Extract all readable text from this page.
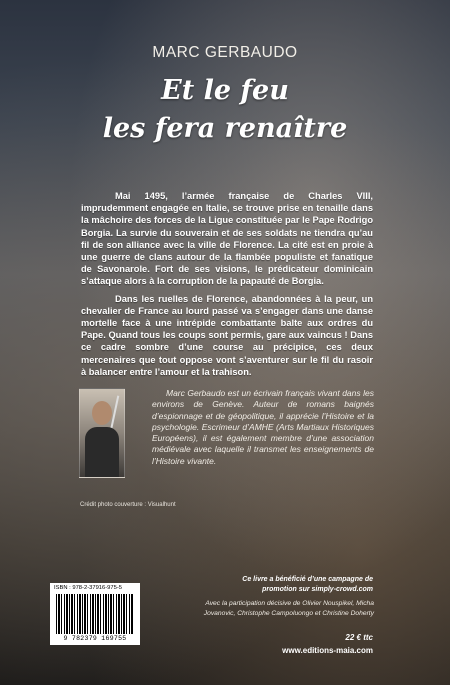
MARC GERBAUDO
Et le feu
les fera renaître

Mai 1495, l’armée française de Charles VIII, imprudemment engagée en Italie, se trouve prise en tenaille dans la mâchoire des forces de la Ligue constituée par le Pape Rodrigo Borgia. La survie du souverain et de ses soldats ne tiendra qu’au fil de son alliance avec la ville de Florence. La cité est en proie à une guerre de clans autour de la flambée populiste et fanatique de Savonarole. Fort de ses visions, le prédicateur dominicain s’attaque alors à la corruption de la papauté de Borgia.

Dans les ruelles de Florence, abandonnées à la peur, un chevalier de France au lourd passé va s’engager dans une danse mortelle face à une intrépide combattante balte aux ordres du Pape. Quand tous les coups sont permis, gare aux vaincus ! Dans ce cadre sombre d’une course au précipice, ces deux mercenaires que tout oppose vont s’aventurer sur le fil du rasoir à balancer entre l’amour et la trahison.

Marc Gerbaudo est un écrivain français vivant dans les environs de Genève. Auteur de romans baignés d’espionnage et de géopolitique, il apprécie l’Histoire et la psychologie. Escrimeur d’AMHE (Arts Martiaux Historiques Européens), il est également membre d’une association médiévale avec laquelle il transmet les enseignements de l’Histoire vivante.
Crédit photo couverture : Visualhunt
ISBN : 978-2-37916-975-5
9 782379 169755
Ce livre a bénéficié d’une campagne de promotion sur simply-crowd.com
Avec la participation décisive de Olivier Nouspikel, Micha Jovanovic, Christophe Campoluongo et Christine Doherty
22 € ttc
www.editions-maia.com
